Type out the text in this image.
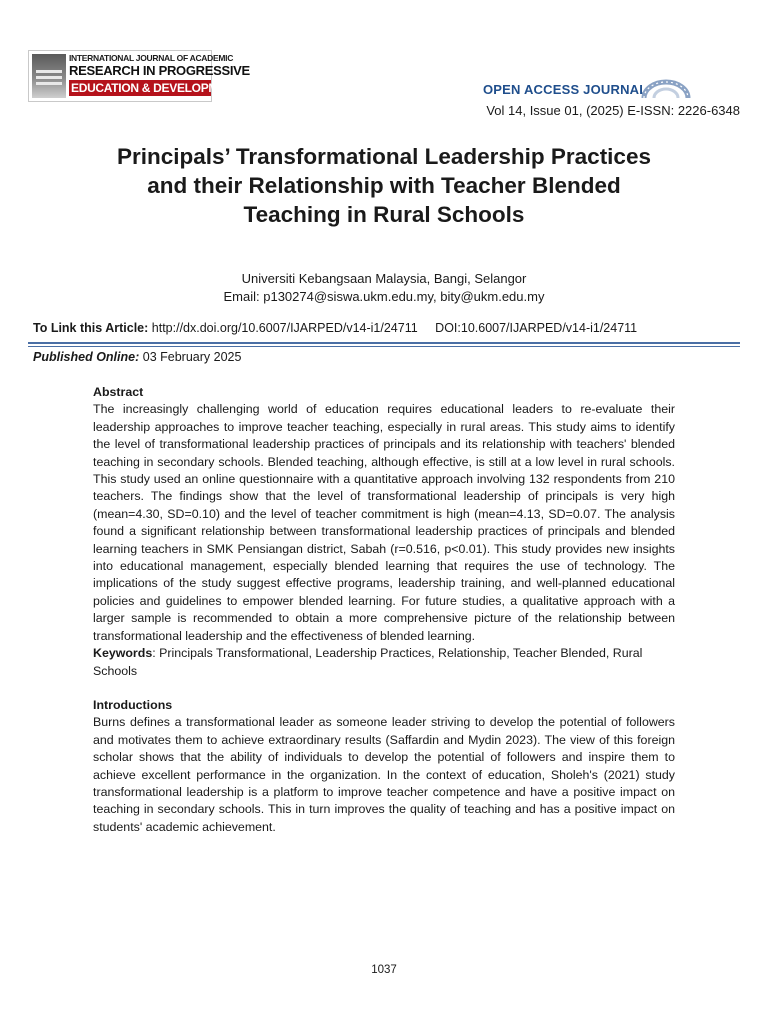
INTERNATIONAL JOURNAL OF ACADEMIC
RESEARCH IN PROGRESSIVE
EDUCATION & DEVELOPMENT	OPEN ACCESS JOURNAL
Vol 14, Issue 01, (2025) E-ISSN: 2226-6348
Principals’ Transformational Leadership Practices
and their Relationship with Teacher Blended
Teaching in Rural Schools
Universiti Kebangsaan Malaysia, Bangi, Selangor
Email: p130274@siswa.ukm.edu.my, bity@ukm.edu.my
To Link this Article: http://dx.doi.org/10.6007/IJARPED/v14-i1/24711 DOI:10.6007/IJARPED/v14-i1/24711
Published Online: 03 February 2025
Abstract

The increasingly challenging world of education requires educational leaders to re-evaluate their leadership approaches to improve teacher teaching, especially in rural areas. This study aims to identify the level of transformational leadership practices of principals and its relationship with teachers' blended teaching in secondary schools. Blended teaching, although effective, is still at a low level in rural schools. This study used an online questionnaire with a quantitative approach involving 132 respondents from 210 teachers. The findings show that the level of transformational leadership of principals is very high (mean=4.30, SD=0.10) and the level of teacher commitment is high (mean=4.13, SD=0.07. The analysis found a significant relationship between transformational leadership practices of principals and blended learning teachers in SMK Pensiangan district, Sabah (r=0.516, p<0.01). This study provides new insights into educational management, especially blended learning that requires the use of technology. The implications of the study suggest effective programs, leadership training, and well-planned educational policies and guidelines to empower blended learning. For future studies, a qualitative approach with a larger sample is recommended to obtain a more comprehensive picture of the relationship between transformational leadership and the effectiveness of blended learning.

Keywords: Principals Transformational, Leadership Practices, Relationship, Teacher Blended, Rural Schools

Introductions

Burns defines a transformational leader as someone leader striving to develop the potential of followers and motivates them to achieve extraordinary results (Saffardin and Mydin 2023). The view of this foreign scholar shows that the ability of individuals to develop the potential of followers and inspire them to achieve excellent performance in the organization. In the context of education, Sholeh's (2021) study transformational leadership is a platform to improve teacher competence and have a positive impact on teaching in secondary schools. This in turn improves the quality of teaching and has a positive impact on students' academic achievement.

1037
